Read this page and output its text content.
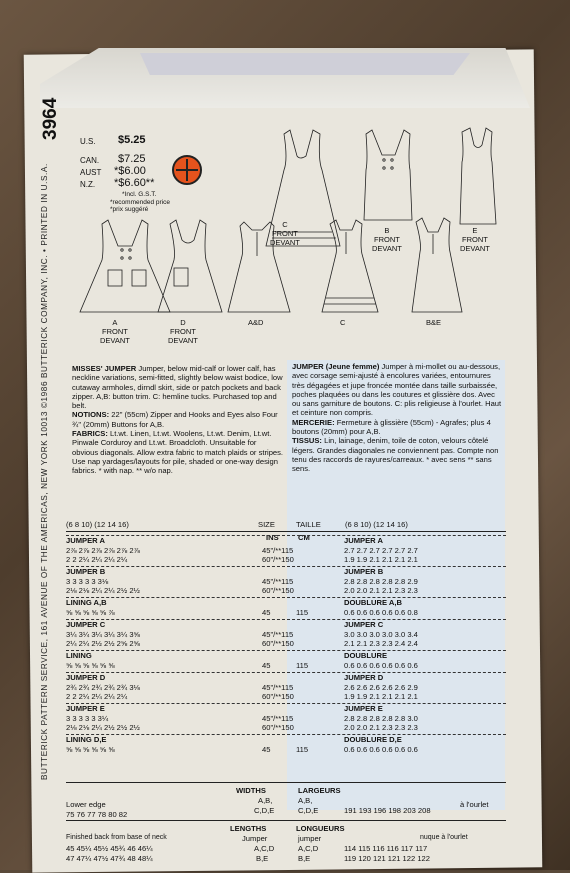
3964
BUTTERICK PATTERN SERVICE, 161 AVENUE OF THE AMERICAS, NEW YORK 10013 ©1986 BUTTERICK COMPANY, INC. • PRINTED IN U.S.A.
U.S. $5.25
CAN. $7.25
AUST *$6.00
N.Z. *$6.60**
*Incl. G.S.T.
*recommended price
*prix suggéré
C
FRONT
DEVANT
B
FRONT
DEVANT
E
FRONT
DEVANT
A
FRONT
DEVANT
D
FRONT
DEVANT
A&D	C	B&E
MISSES' JUMPER Jumper, below mid-calf or lower calf, has neckline variations, semi-fitted, slightly below waist bodice, low cutaway armholes, dirndl skirt, side or patch pockets and back zipper. A,B: button trim. C: hemline tucks. Purchased top and belt.
NOTIONS: 22" (55cm) Zipper and Hooks and Eyes also Four ¾" (20mm) Buttons for A,B.
FABRICS: Lt.wt. Linen, Lt.wt. Woolens, Lt.wt. Denim, Lt.wt. Pinwale Corduroy and Lt.wt. Broadcloth. Unsuitable for obvious diagonals. Allow extra fabric to match plaids or stripes. Use nap yardages/layouts for pile, shaded or one-way design fabrics. * with nap. ** w/o nap.
JUMPER (Jeune femme) Jumper à mi-mollet ou au-dessous, avec corsage semi-ajusté à encolures variées, entournures très dégagées et jupe froncée montée dans taille surbaissée, poches plaquées ou dans les coutures et glissière dos. Avec ou sans garniture de boutons. C: plis religieuse à l'ourlet. Haut et ceinture non compris.
MERCERIE: Fermeture à glissière (55cm) - Agrafes; plus 4 boutons (20mm) pour A,B.
TISSUS: Lin, lainage, denim, toile de coton, velours côtelé légers. Grandes diagonales ne conviennent pas. Compte non tenu des raccords de rayures/carreaux. * avec sens ** sans sens.
(6 8 10) (12 14 16)	SIZE	TAILLE	(6 8 10) (12 14 16)
INS	CM
JUMPER A	JUMPER A
2⅞ 2⅞ 2⅞ 2⅞ 2⅞ 2⅞	45"/**115	2.7 2.7 2.7 2.7 2.7 2.7
2 2 2¼ 2¼ 2¼ 2¼	60"/**150	1.9 1.9 2.1 2.1 2.1 2.1
JUMPER B	JUMPER B
3 3 3 3 3 3⅛	45"/**115	2.8 2.8 2.8 2.8 2.8 2.9
2⅛ 2⅛ 2¼ 2¼ 2½ 2½	60"/**150	2.0 2.0 2.1 2.1 2.3 2.3
LINING A,B	DOUBLURE A,B
⅝ ⅝ ⅝ ⅝ ⅝ ⅞	45	115	0.6 0.6 0.6 0.6 0.6 0.8
JUMPER C	JUMPER C
3¼ 3¼ 3¼ 3¼ 3¼ 3⅝	45"/**115	3.0 3.0 3.0 3.0 3.0 3.4
2¼ 2¼ 2½ 2½ 2⅝ 2⅝	60"/**150	2.1 2.1 2.3 2.3 2.4 2.4
LINING	DOUBLURE
⅝ ⅝ ⅝ ⅝ ⅝ ⅝	45	115	0.6 0.6 0.6 0.6 0.6 0.6
JUMPER D	JUMPER D
2¾ 2¾ 2¾ 2¾ 2¾ 3⅛	45"/**115	2.6 2.6 2.6 2.6 2.6 2.9
2 2 2¼ 2¼ 2¼ 2¼	60"/**150	1.9 1.9 2.1 2.1 2.1 2.1
JUMPER E	JUMPER E
3 3 3 3 3 3¼	45"/**115	2.8 2.8 2.8 2.8 2.8 3.0
2⅛ 2⅛ 2¼ 2½ 2½ 2½	60"/**150	2.0 2.0 2.1 2.3 2.3 2.3
LINING D,E	DOUBLURE D,E
⅝ ⅝ ⅝ ⅝ ⅝ ⅝	45	115	0.6 0.6 0.6 0.6 0.6 0.6
WIDTHS	LARGEURS
A,B,	A,B,
Lower edge	à l'ourlet
C,D,E	C,D,E
75 76 77 78 80 82	191 193 196 198 203 208
LENGTHS	LONGUEURS
Finished back from base of neck	Jumper	jumper	nuque à l'ourlet
45 45¼ 45½ 45¾ 46 46¼	A,C,D	A,C,D	114 115 116 116 117 117
47 47¼ 47½ 47¾ 48 48¼	B,E	B,E	119 120 121 121 122 122
